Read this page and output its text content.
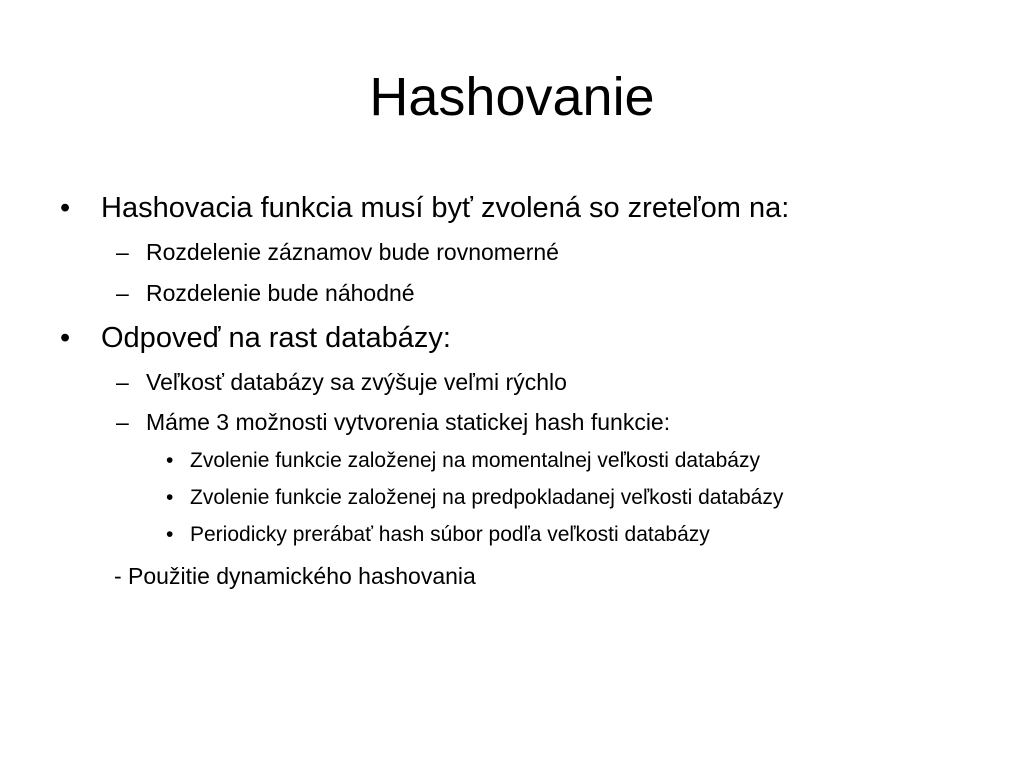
Hashovanie
• Hashovacia funkcia musí byť zvolená so zreteľom na:
– Rozdelenie záznamov bude rovnomerné
– Rozdelenie bude náhodné
• Odpoveď na rast databázy:
– Veľkosť databázy sa zvýšuje veľmi rýchlo
– Máme 3 možnosti vytvorenia statickej hash funkcie:
• Zvolenie funkcie založenej na momentalnej veľkosti databázy
• Zvolenie funkcie založenej na predpokladanej veľkosti databázy
• Periodicky prerábať hash súbor podľa veľkosti databázy
- Použitie dynamického hashovania
